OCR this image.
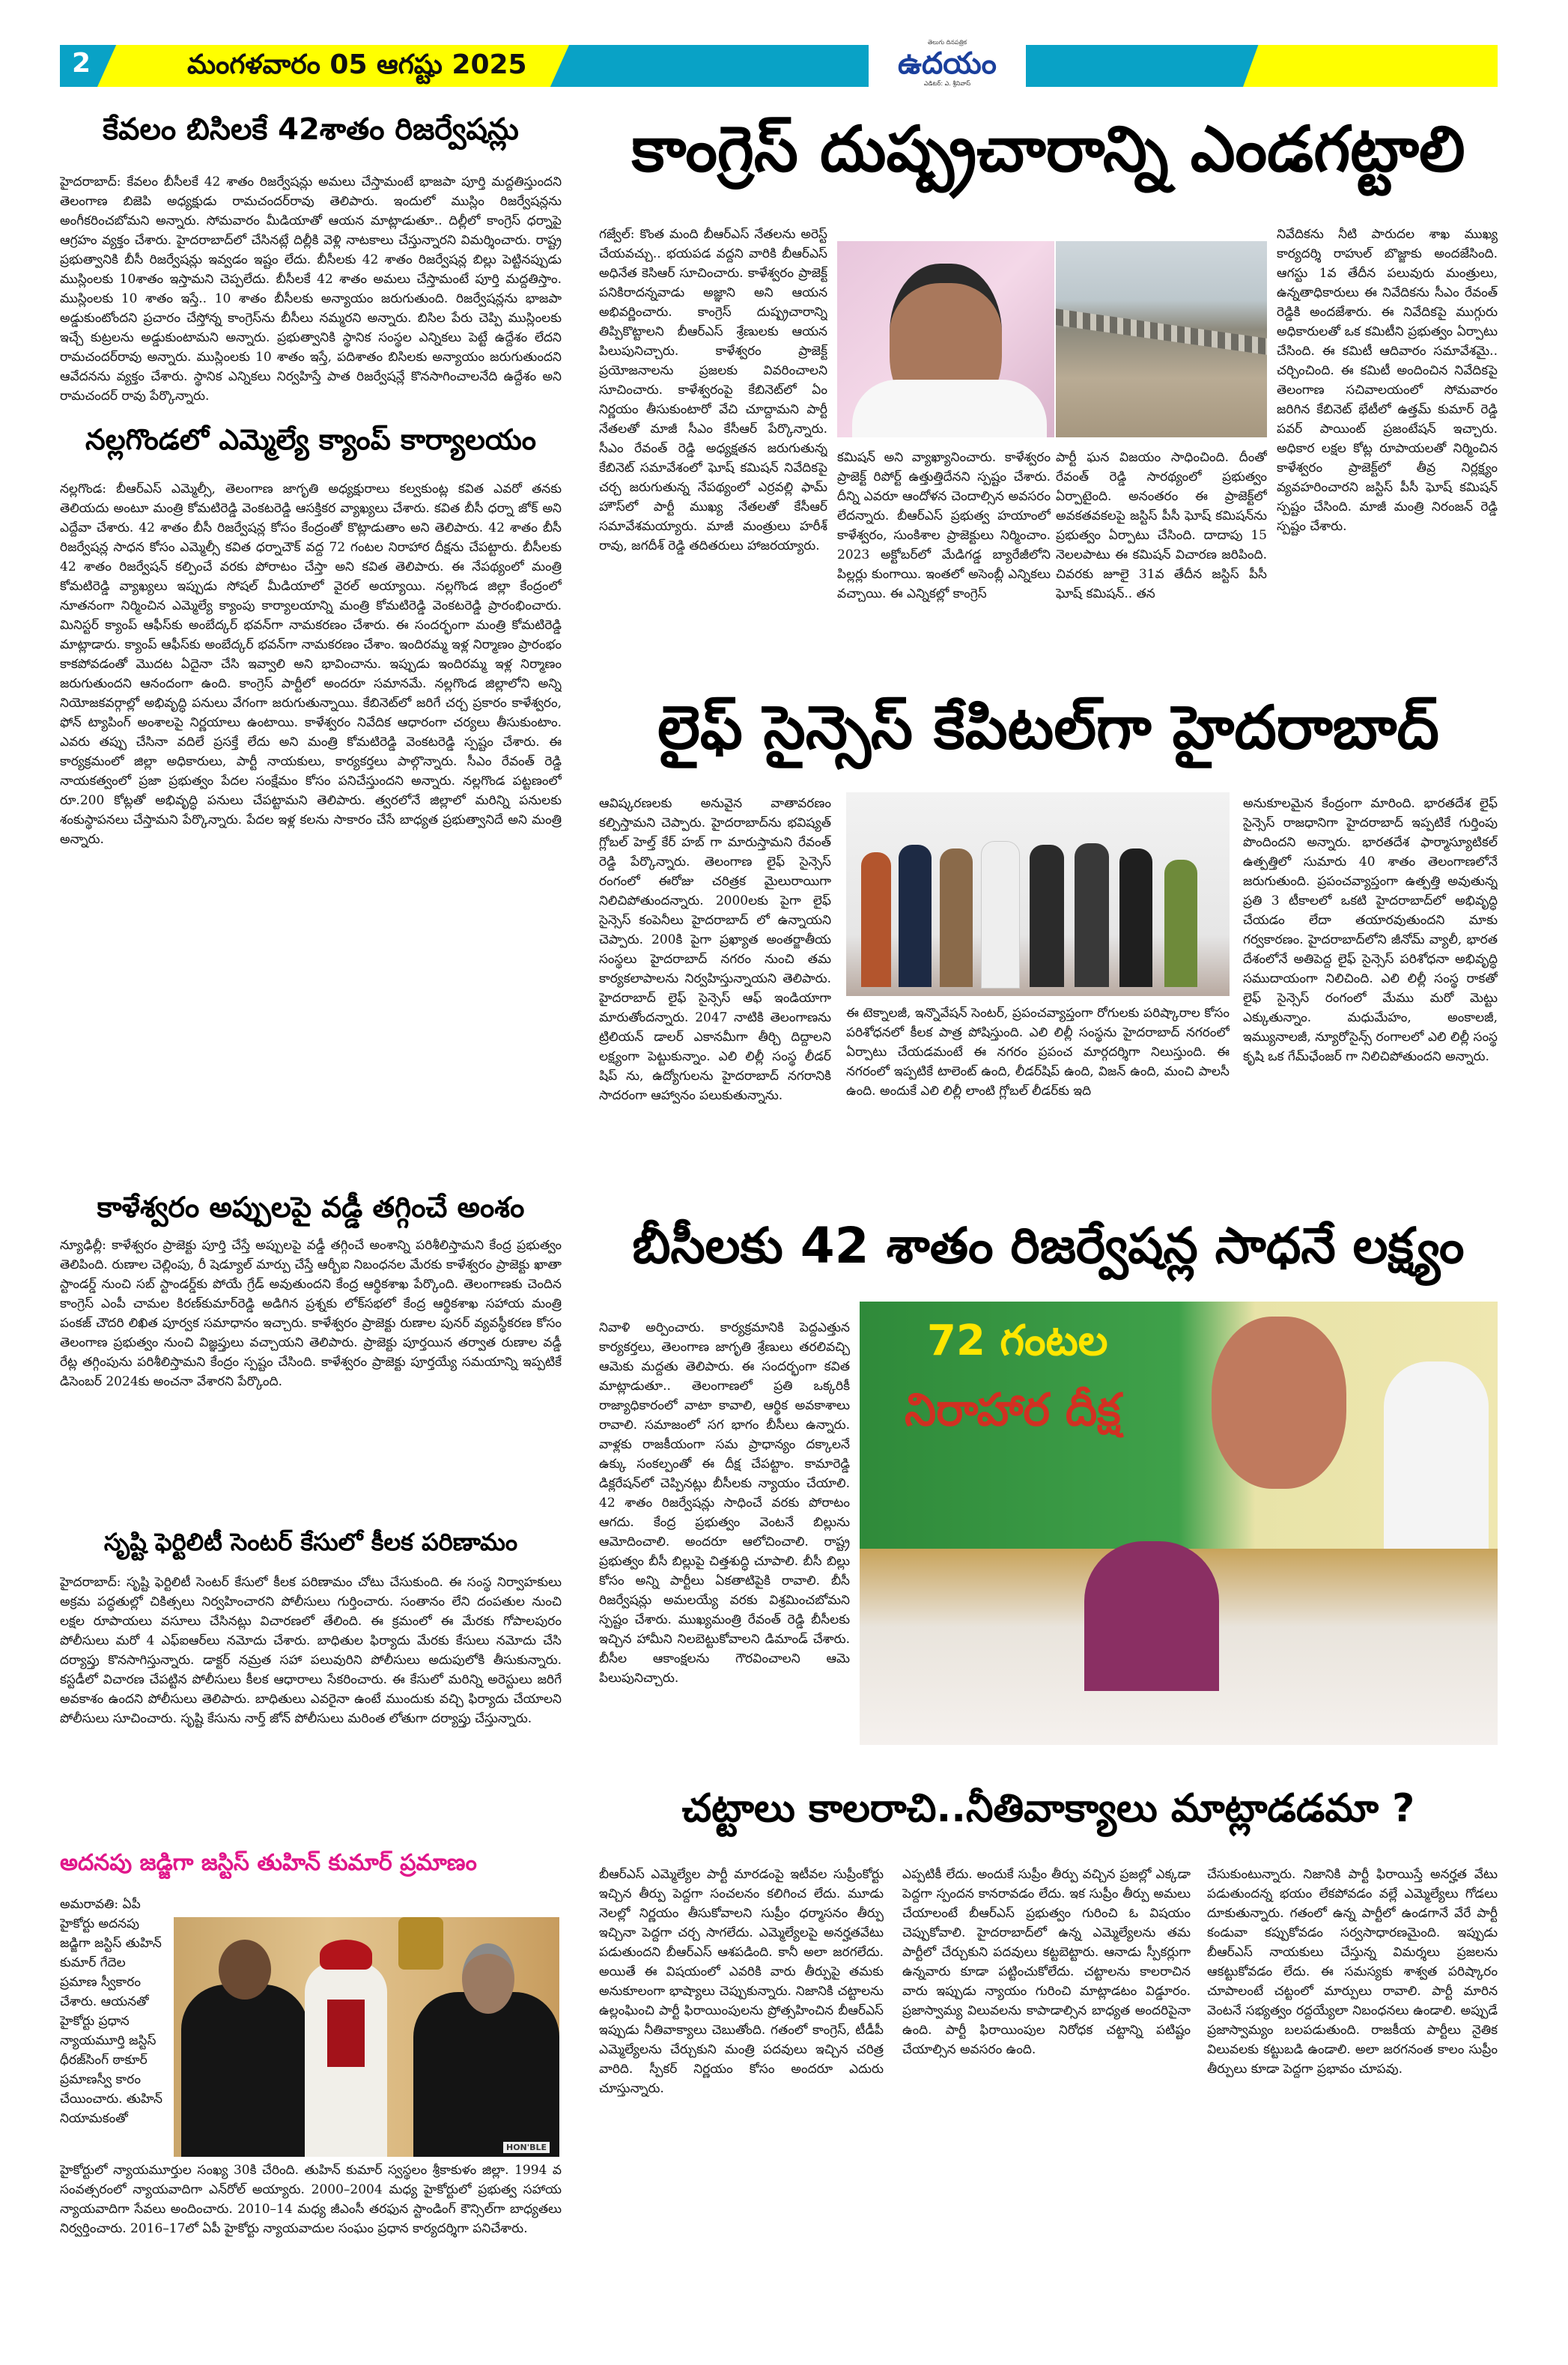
2	మంగళవారం 05 ఆగష్టు 2025
తెలుగు దినపత్రిక
ఉదయం
ఎడిటర్: ఎ. శ్రీనివాస్
కేవలం బిసిలకే 42శాతం రిజర్వేషన్లు
హైదరాబాద్: కేవలం బీసీలకే 42 శాతం రిజర్వేషన్లు అమలు చేస్తామంటే భాజపా పూర్తి మద్దతిస్తుందని తెలంగాణ బిజెపి అధ్యక్షుడు రామచందర్‌రావు తెలిపారు. ఇందులో ముస్లిం రిజర్వేషన్లను అంగీకరించబోమని అన్నారు. సోమవారం మీడియాతో ఆయన మాట్లాడుతూ.. దిల్లీలో కాంగ్రెస్ ధర్నాపై ఆగ్రహం వ్యక్తం చేశారు. హైదరాబాద్‌లో చేసినట్లే దిల్లీకి వెళ్లి నాటకాలు చేస్తున్నారని విమర్శించారు. రాష్ట్ర ప్రభుత్వానికి బీసీ రిజర్వేషన్లు ఇవ్వడం ఇష్టం లేదు. బీసీలకు 42 శాతం రిజర్వేషన్ల బిల్లు పెట్టినప్పుడు ముస్లింలకు 10శాతం ఇస్తామని చెప్పలేదు. బీసీలకే 42 శాతం అమలు చేస్తామంటే పూర్తి మద్దతిస్తాం. ముస్లింలకు 10 శాతం ఇస్తే.. 10 శాతం బీసీలకు అన్యాయం జరుగుతుంది. రిజర్వేషన్లను భాజపా అడ్డుకుంటోందని ప్రచారం చేస్తోన్న కాంగ్రెస్‌ను బీసీలు నమ్మరని అన్నారు. బిసిల పేరు చెప్పి ముస్లింలకు ఇచ్చే కుట్రలను అడ్డుకుంటామని అన్నారు. ప్రభుత్వానికి స్థానిక సంస్థల ఎన్నికలు పెట్టే ఉద్దేశం లేదని రామచందర్‌రావు అన్నారు. ముస్లింలకు 10 శాతం ఇస్తే, పదిశాతం బిసిలకు అన్యాయం జరుగుతుందని ఆవేదనను వ్యక్తం చేశారు. స్థానిక ఎన్నికలు నిర్వహిస్తే పాత రిజర్వేషన్లే కొనసాగించాలనేది ఉద్దేశం అని రామచందర్ రావు పేర్కొన్నారు.
నల్లగొండలో ఎమ్మెల్యే క్యాంప్ కార్యాలయం
నల్లగొండ: బీఆర్‌ఎస్ ఎమ్మెల్సీ, తెలంగాణ జాగృతి అధ్యక్షురాలు కల్వకుంట్ల కవిత ఎవరో తనకు తెలియదు అంటూ మంత్రి కోమటిరెడ్డి వెంకటరెడ్డి ఆసక్తికర వ్యాఖ్యలు చేశారు. కవిత బీసీ ధర్నా జోక్ అని ఎద్దేవా చేశారు. 42 శాతం బీసీ రిజర్వేషన్ల కోసం కేంద్రంతో కొట్లాడుతాం అని తెలిపారు. 42 శాతం బీసీ రిజర్వేషన్ల సాధన కోసం ఎమ్మెల్సీ కవిత ధర్నాచౌక్ వద్ద 72 గంటల నిరాహార దీక్షను చేపట్టారు. బీసీలకు 42 శాతం రిజర్వేషన్ కల్పించే వరకు పోరాటం చేస్తా అని కవిత తెలిపారు. ఈ నేపథ్యంలో మంత్రి కోమటిరెడ్డి వ్యాఖ్యలు ఇప్పుడు సోషల్ మీడియాలో వైరల్ అయ్యాయి. నల్లగొండ జిల్లా కేంద్రంలో నూతనంగా నిర్మించిన ఎమ్మెల్యే క్యాంపు కార్యాలయాన్ని మంత్రి కోమటిరెడ్డి వెంకటరెడ్డి ప్రారంభించారు. మినిస్టర్ క్యాంప్ ఆఫీస్‌కు అంబేద్కర్ భవన్‌గా నామకరణం చేశారు. ఈ సందర్భంగా మంత్రి కోమటిరెడ్డి మాట్లాడారు. క్యాంప్ ఆఫీస్‌కు అంబేద్కర్ భవన్‌గా నామకరణం చేశాం. ఇందిరమ్మ ఇళ్ల నిర్మాణం ప్రారంభం కాకపోవడంతో మొదట ఏదైనా చేసి ఇవ్వాలి అని భావించాను. ఇప్పుడు ఇందిరమ్మ ఇళ్ల నిర్మాణం జరుగుతుందని ఆనందంగా ఉంది. కాంగ్రెస్ పార్టీలో అందరూ సమానమే. నల్లగొండ జిల్లాలోని అన్ని నియోజకవర్గాల్లో అభివృద్ధి పనులు వేగంగా జరుగుతున్నాయి. కేబినెట్‌లో జరిగే చర్చ ప్రకారం కాళేశ్వరం, ఫోన్ ట్యాపింగ్ అంశాలపై నిర్ణయాలు ఉంటాయి. కాళేశ్వరం నివేదిక ఆధారంగా చర్యలు తీసుకుంటాం. ఎవరు తప్పు చేసినా వదిలే ప్రసక్తే లేదు అని మంత్రి కోమటిరెడ్డి వెంకటరెడ్డి స్పష్టం చేశారు. ఈ కార్యక్రమంలో జిల్లా అధికారులు, పార్టీ నాయకులు, కార్యకర్తలు పాల్గొన్నారు. సీఎం రేవంత్ రెడ్డి నాయకత్వంలో ప్రజా ప్రభుత్వం పేదల సంక్షేమం కోసం పనిచేస్తుందని అన్నారు. నల్లగొండ పట్టణంలో రూ.200 కోట్లతో అభివృద్ధి పనులు చేపట్టామని తెలిపారు. త్వరలోనే జిల్లాలో మరిన్ని పనులకు శంకుస్థాపనలు చేస్తామని పేర్కొన్నారు. పేదల ఇళ్ల కలను సాకారం చేసే బాధ్యత ప్రభుత్వానిదే అని మంత్రి అన్నారు.
కాళేశ్వరం అప్పులపై వడ్డీ తగ్గించే అంశం
న్యూఢిల్లీ: కాళేశ్వరం ప్రాజెక్టు పూర్తి చేస్తే అప్పులపై వడ్డీ తగ్గించే అంశాన్ని పరిశీలిస్తామని కేంద్ర ప్రభుత్వం తెలిపింది. రుణాల చెల్లింపు, రీ షెడ్యూల్ మార్పు చేస్తే ఆర్బీఐ నిబంధనల మేరకు కాళేశ్వరం ప్రాజెక్టు ఖాతా స్టాండర్డ్ నుంచి సబ్ స్టాండర్డ్‌కు పోయే గ్రేడ్ అవుతుందని కేంద్ర ఆర్థికశాఖ పేర్కొంది. తెలంగాణకు చెందిన కాంగ్రెస్ ఎంపీ చామల కిరణ్‌కుమార్‌రెడ్డి అడిగిన ప్రశ్నకు లోక్‌సభలో కేంద్ర ఆర్థికశాఖ సహాయ మంత్రి పంకజ్ చౌదరి లిఖిత పూర్వక సమాధానం ఇచ్చారు. కాళేశ్వరం ప్రాజెక్టు రుణాల పునర్ వ్యవస్థీకరణ కోసం తెలంగాణ ప్రభుత్వం నుంచి విజ్ఞప్తులు వచ్చాయని తెలిపారు. ప్రాజెక్టు పూర్తయిన తర్వాత రుణాల వడ్డీ రేట్ల తగ్గింపును పరిశీలిస్తామని కేంద్రం స్పష్టం చేసింది. కాళేశ్వరం ప్రాజెక్టు పూర్తయ్యే సమయాన్ని ఇప్పటికే డిసెంబర్ 2024కు అంచనా వేశారని పేర్కొంది.
సృష్టి ఫెర్టిలిటీ సెంటర్ కేసులో కీలక పరిణామం
హైదరాబాద్: సృష్టి ఫెర్టిలిటీ సెంటర్ కేసులో కీలక పరిణామం చోటు చేసుకుంది. ఈ సంస్థ నిర్వాహకులు అక్రమ పద్ధతుల్లో చికిత్సలు నిర్వహించారని పోలీసులు గుర్తించారు. సంతానం లేని దంపతుల నుంచి లక్షల రూపాయలు వసూలు చేసినట్లు విచారణలో తేలింది. ఈ క్రమంలో ఈ మేరకు గోపాలపురం పోలీసులు మరో 4 ఎఫ్‌ఐఆర్‌లు నమోదు చేశారు. బాధితుల ఫిర్యాదు మేరకు కేసులు నమోదు చేసి దర్యాప్తు కొనసాగిస్తున్నారు. డాక్టర్ నమ్రత సహా పలువురిని పోలీసులు అదుపులోకి తీసుకున్నారు. కస్టడీలో విచారణ చేపట్టిన పోలీసులు కీలక ఆధారాలు సేకరించారు. ఈ కేసులో మరిన్ని అరెస్టులు జరిగే అవకాశం ఉందని పోలీసులు తెలిపారు. బాధితులు ఎవరైనా ఉంటే ముందుకు వచ్చి ఫిర్యాదు చేయాలని పోలీసులు సూచించారు. సృష్టి కేసును నార్త్ జోన్ పోలీసులు మరింత లోతుగా దర్యాప్తు చేస్తున్నారు.
అదనపు జడ్జిగా జస్టిస్ తుహిన్ కుమార్ ప్రమాణం
అమరావతి: ఏపీ హైకోర్టు అదనపు జడ్జిగా జస్టిస్ తుహిన్ కుమార్ గేదెల ప్రమాణ స్వీకారం చేశారు. ఆయనతో హైకోర్టు ప్రధాన న్యాయమూర్తి జస్టిస్ ధీరజ్‌సింగ్ ఠాకూర్ ప్రమాణస్వీ కారం చేయించారు. తుహిన్ నియామకంతో
HON'BLE
హైకోర్టులో న్యాయమూర్తుల సంఖ్య 30కి చేరింది. తుహిన్ కుమార్ స్వస్థలం శ్రీకాకుళం జిల్లా. 1994 వ సంవత్సరంలో న్యాయవాదిగా ఎన్‌రోల్ అయ్యారు. 2000–2004 మధ్య హైకోర్టులో ప్రభుత్వ సహాయ న్యాయవాదిగా సేవలు అందించారు. 2010–14 మధ్య జీఎంసీ తరఫున స్టాండింగ్ కౌన్సిల్‌గా బాధ్యతలు నిర్వర్తించారు. 2016–17లో ఏపీ హైకోర్టు న్యాయవాదుల సంఘం ప్రధాన కార్యదర్శిగా పనిచేశారు.
కాంగ్రెస్ దుష్ప్రచారాన్ని ఎండగట్టాలి
గజ్వేల్: కొంత మంది బీఆర్‌ఎస్ నేతలను అరెస్ట్ చేయవచ్చు.. భయపడ వద్దని వారికి బీఆర్‌ఎస్ అధినేత కెసిఆర్ సూచించారు. కాళేశ్వరం ప్రాజెక్ట్ పనికిరాదన్నవాడు అజ్ఞాని అని ఆయన అభివర్ణించారు. కాంగ్రెస్ దుష్ప్రచారాన్ని తిప్పికొట్టాలని బీఆర్‌ఎస్ శ్రేణులకు ఆయన పిలుపునిచ్చారు. కాళేశ్వరం ప్రాజెక్ట్ ప్రయోజనాలను ప్రజలకు వివరించాలని సూచించారు. కాళేశ్వరంపై కేబినెట్‌లో ఏం నిర్ణయం తీసుకుంటారో వేచి చూద్దామని పార్టీ నేతలతో మాజీ సీఎం కేసీఆర్ పేర్కొన్నారు. సీఎం రేవంత్ రెడ్డి అధ్యక్షతన జరుగుతున్న కేబినెట్ సమావేశంలో ఘోష్ కమిషన్ నివేదికపై చర్చ జరుగుతున్న నేపథ్యంలో ఎర్రవల్లి ఫామ్ హౌస్‌లో పార్టీ ముఖ్య నేతలతో కేసీఆర్ సమావేశమయ్యారు. మాజీ మంత్రులు హరీశ్ రావు, జగదీశ్ రెడ్డి తదితరులు హాజరయ్యారు.
కమిషన్ అని వ్యాఖ్యానించారు. కాళేశ్వరం ప్రాజెక్ట్ రిపోర్ట్ ఉత్తుత్తిదేనని స్పష్టం చేశారు. దీన్ని ఎవరూ ఆందోళన చెందాల్సిన అవసరం లేదన్నారు. బీఆర్‌ఎస్ ప్రభుత్వ హయాంలో కాళేశ్వరం, సుంకిశాల ప్రాజెక్టులు నిర్మించాం. 2023 అక్టోబర్‌లో మేడిగడ్డ బ్యారేజీలోని పిల్లర్లు కుంగాయి. ఇంతలో అసెంబ్లీ ఎన్నికలు వచ్చాయి. ఈ ఎన్నికల్లో కాంగ్రెస్
పార్టీ ఘన విజయం సాధించింది. దీంతో రేవంత్ రెడ్డి సారథ్యంలో ప్రభుత్వం ఏర్పాటైంది. అనంతరం ఈ ప్రాజెక్ట్‌లో అవకతవకలపై జస్టిస్ పీసీ ఘోష్ కమిషన్‌ను ప్రభుత్వం ఏర్పాటు చేసింది. దాదాపు 15 నెలలపాటు ఈ కమిషన్ విచారణ జరిపింది. చివరకు జూలై 31వ తేదీన జస్టిస్ పీసీ ఘోష్ కమిషన్.. తన
నివేదికను నీటి పారుదల శాఖ ముఖ్య కార్యదర్శి రాహుల్ బొజ్జాకు అందజేసింది. ఆగస్టు 1వ తేదీన పలువురు మంత్రులు, ఉన్నతాధికారులు ఈ నివేదికను సీఎం రేవంత్ రెడ్డికి అందజేశారు. ఈ నివేదికపై ముగ్గురు అధికారులతో ఒక కమిటీని ప్రభుత్వం ఏర్పాటు చేసింది. ఈ కమిటీ ఆదివారం సమావేశమై.. చర్చించింది. ఈ కమిటీ అందించిన నివేదికపై తెలంగాణ సచివాలయంలో సోమవారం జరిగిన కేబినెట్ భేటీలో ఉత్తమ్ కుమార్ రెడ్డి పవర్ పాయింట్ ప్రజంటేషన్ ఇచ్చారు. అధికార లక్షల కోట్ల రూపాయలతో నిర్మించిన కాళేశ్వరం ప్రాజెక్ట్‌లో తీవ్ర నిర్లక్ష్యం వ్యవహరించారని జస్టిస్ పీసీ ఘోష్ కమిషన్ స్పష్టం చేసింది. మాజీ మంత్రి నిరంజన్ రెడ్డి స్పష్టం చేశారు.
లైఫ్ సైన్సెస్ కేపిటల్‌గా హైదరాబాద్
ఆవిష్కరణలకు అనువైన వాతావరణం కల్పిస్తామని చెప్పారు. హైదరాబాద్‌ను భవిష్యత్ గ్లోబల్ హెల్త్ కేర్ హబ్ గా మారుస్తామని రేవంత్ రెడ్డి పేర్కొన్నారు. తెలంగాణ లైఫ్ సైన్సెస్ రంగంలో ఈరోజు చరిత్రక మైలురాయిగా నిలిచిపోతుందన్నారు. 2000లకు పైగా లైఫ్ సైన్సెస్ కంపెనీలు హైదరాబాద్ లో ఉన్నాయని చెప్పారు. 200కి పైగా ప్రఖ్యాత అంతర్జాతీయ సంస్థలు హైదరాబాద్ నగరం నుంచి తమ కార్యకలాపాలను నిర్వహిస్తున్నాయని తెలిపారు. హైదరాబాద్ లైఫ్ సైన్సెస్ ఆఫ్ ఇండియాగా మారుతోందన్నారు. 2047 నాటికి తెలంగాణను ట్రిలియన్ డాలర్ ఎకానమీగా తీర్చి దిద్దాలని లక్ష్యంగా పెట్టుకున్నాం. ఎలి లిల్లీ సంస్థ లీడర్ షిప్ ను, ఉద్యోగులను హైదరాబాద్ నగరానికి సాదరంగా ఆహ్వానం పలుకుతున్నాను.
ఈ టెక్నాలజీ, ఇన్నొవేషన్ సెంటర్, ప్రపంచవ్యాప్తంగా రోగులకు పరిష్కారాల కోసం పరిశోధనలో కీలక పాత్ర పోషిస్తుంది. ఎలి లిల్లీ సంస్థను హైదరాబాద్ నగరంలో ఏర్పాటు చేయడమంటే ఈ నగరం ప్రపంచ మార్గదర్శిగా నిలుస్తుంది. ఈ నగరంలో ఇప్పటికే టాలెంట్ ఉంది, లీడర్‌షిప్ ఉంది, విజన్ ఉంది, మంచి పాలసీ ఉంది. అందుకే ఎలి లిల్లీ లాంటి గ్లోబల్ లీడర్‌కు ఇది
అనుకూలమైన కేంద్రంగా మారింది. భారతదేశ లైఫ్ సైన్సెస్ రాజధానిగా హైదరాబాద్ ఇప్పటికే గుర్తింపు పొందిందని అన్నారు. భారతదేశ ఫార్మాస్యూటికల్ ఉత్పత్తిలో సుమారు 40 శాతం తెలంగాణలోనే జరుగుతుంది. ప్రపంచవ్యాప్తంగా ఉత్పత్తి అవుతున్న ప్రతి 3 టీకాలలో ఒకటి హైదరాబాద్‌లో అభివృద్ధి చేయడం లేదా తయారవుతుందని మాకు గర్వకారణం. హైదరాబాద్‌లోని జీనోమ్ వ్యాలీ, భారత దేశంలోనే అతిపెద్ద లైఫ్ సైన్సెస్ పరిశోధనా అభివృద్ధి సముదాయంగా నిలిచింది. ఎలి లిల్లీ సంస్థ రాకతో లైఫ్ సైన్సెస్ రంగంలో మేము మరో మెట్టు ఎక్కుతున్నాం. మధుమేహం, అంకాలజీ, ఇమ్యునాలజీ, న్యూరోసైన్స్ రంగాలలో ఎలి లిల్లీ సంస్థ కృషి ఒక గేమ్‌ఛేంజర్ గా నిలిచిపోతుందని అన్నారు.
బీసీలకు 42 శాతం రిజర్వేషన్ల సాధనే లక్ష్యం
నివాళి అర్పించారు. కార్యక్రమానికి పెద్దఎత్తున కార్యకర్తలు, తెలంగాణ జాగృతి శ్రేణులు తరలివచ్చి ఆమెకు మద్దతు తెలిపారు. ఈ సందర్భంగా కవిత మాట్లాడుతూ.. తెలంగాణలో ప్రతి ఒక్కరికీ రాజ్యాధికారంలో వాటా కావాలి, ఆర్థిక అవకాశాలు రావాలి. సమాజంలో సగ భాగం బీసీలు ఉన్నారు. వాళ్లకు రాజకీయంగా సమ ప్రాధాన్యం దక్కాలనే ఉక్కు సంకల్పంతో ఈ దీక్ష చేపట్టాం. కామారెడ్డి డిక్లరేషన్‌లో చెప్పినట్లు బీసీలకు న్యాయం చేయాలి. 42 శాతం రిజర్వేషన్లు సాధించే వరకు పోరాటం ఆగదు. కేంద్ర ప్రభుత్వం వెంటనే బిల్లును ఆమోదించాలి. అందరూ ఆలోచించాలి. రాష్ట్ర ప్రభుత్వం బీసీ బిల్లుపై చిత్తశుద్ధి చూపాలి. బీసీ బిల్లు కోసం అన్ని పార్టీలు ఏకతాటిపైకి రావాలి. బీసీ రిజర్వేషన్లు అమలయ్యే వరకు విశ్రమించబోమని స్పష్టం చేశారు. ముఖ్యమంత్రి రేవంత్ రెడ్డి బీసీలకు ఇచ్చిన హామీని నిలబెట్టుకోవాలని డిమాండ్ చేశారు. బీసీల ఆకాంక్షలను గౌరవించాలని ఆమె పిలుపునిచ్చారు.
72 గంటల
నిరాహార దీక్ష
చట్టాలు కాలరాచి..నీతివాక్యాలు మాట్లాడడమా ?
బీఆర్‌ఎస్ ఎమ్మెల్యేల పార్టీ మారడంపై ఇటీవల సుప్రీంకోర్టు ఇచ్చిన తీర్పు పెద్దగా సంచలనం కలిగించ లేదు. మూడు నెలల్లో నిర్ణయం తీసుకోవాలని సుప్రీం ధర్మాసనం తీర్పు ఇచ్చినా పెద్దగా చర్చ సాగలేదు. ఎమ్మెల్యేలపై అనర్హతవేటు పడుతుందని బీఆర్‌ఎస్ ఆశపడింది. కానీ అలా జరగలేదు. అయితే ఈ విషయంలో ఎవరికి వారు తీర్పుపై తమకు అనుకూలంగా భాష్యాలు చెప్పుకున్నారు. నిజానికి చట్టాలను ఉల్లంఘించి పార్టీ ఫిరాయింపులను ప్రోత్సహించిన బీఆర్‌ఎస్ ఇప్పుడు నీతివాక్యాలు చెబుతోంది. గతంలో కాంగ్రెస్, టీడీపీ ఎమ్మెల్యేలను చేర్చుకుని మంత్రి పదవులు ఇచ్చిన చరిత్ర వారిది. స్పీకర్ నిర్ణయం కోసం అందరూ ఎదురు చూస్తున్నారు.
ఎప్పటికీ లేదు. అందుకే సుప్రీం తీర్పు వచ్చిన ప్రజల్లో ఎక్కడా పెద్దగా స్పందన కానరావడం లేదు. ఇక సుప్రీం తీర్పు అమలు చేయాలంటే బీఆర్‌ఎస్ ప్రభుత్వం గురించి ఓ విషయం చెప్పుకోవాలి. హైదరాబాద్‌లో ఉన్న ఎమ్మెల్యేలను తమ పార్టీలో చేర్చుకుని పదవులు కట్టబెట్టారు. ఆనాడు స్పీకర్లుగా ఉన్నవారు కూడా పట్టించుకోలేదు. చట్టాలను కాలరాచిన వారు ఇప్పుడు న్యాయం గురించి మాట్లాడటం విడ్డూరం. ప్రజాస్వామ్య విలువలను కాపాడాల్సిన బాధ్యత అందరిపైనా ఉంది. పార్టీ ఫిరాయింపుల నిరోధక చట్టాన్ని పటిష్టం చేయాల్సిన అవసరం ఉంది.
చేసుకుంటున్నారు. నిజానికి పార్టీ ఫిరాయిస్తే అనర్హత వేటు పడుతుందన్న భయం లేకపోవడం వల్లే ఎమ్మెల్యేలు గోడలు దూకుతున్నారు. గతంలో ఉన్న పార్టీలో ఉండగానే వేరే పార్టీ కండువా కప్పుకోవడం సర్వసాధారణమైంది. ఇప్పుడు బీఆర్‌ఎస్ నాయకులు చేస్తున్న విమర్శలు ప్రజలను ఆకట్టుకోవడం లేదు. ఈ సమస్యకు శాశ్వత పరిష్కారం చూపాలంటే చట్టంలో మార్పులు రావాలి. పార్టీ మారిన వెంటనే సభ్యత్వం రద్దయ్యేలా నిబంధనలు ఉండాలి. అప్పుడే ప్రజాస్వామ్యం బలపడుతుంది. రాజకీయ పార్టీలు నైతిక విలువలకు కట్టుబడి ఉండాలి. అలా జరగనంత కాలం సుప్రీం తీర్పులు కూడా పెద్దగా ప్రభావం చూపవు.
